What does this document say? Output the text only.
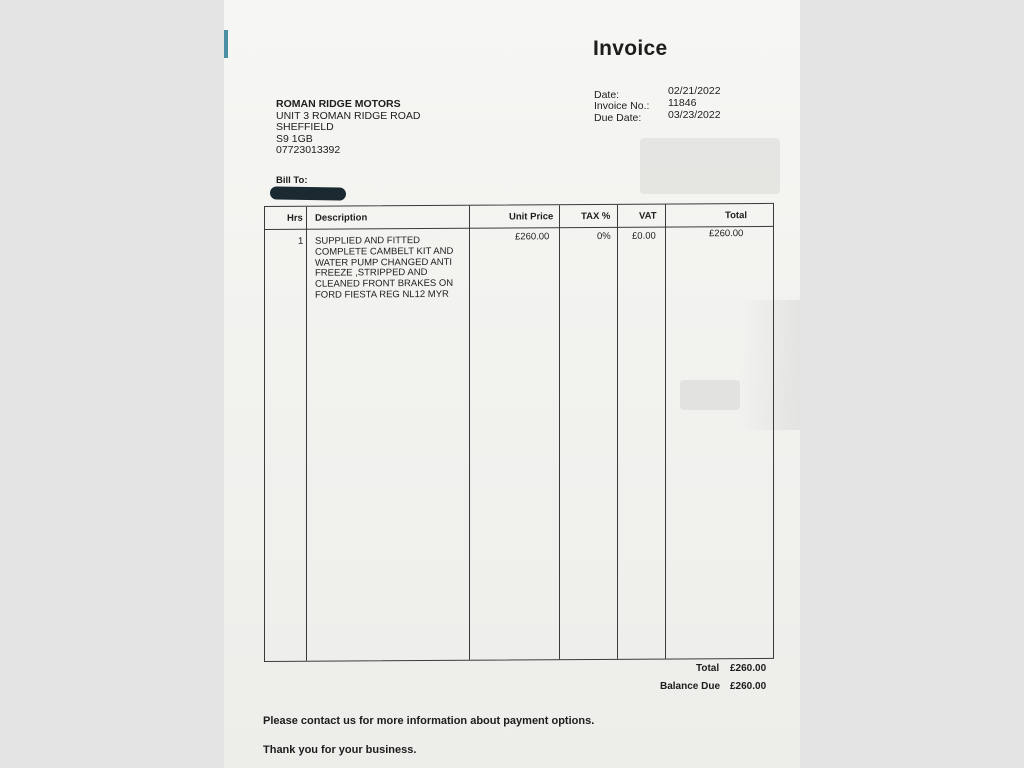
Invoice
Date:	02/21/2022
Invoice No.: 11846
Due Date:	03/23/2022
ROMAN RIDGE MOTORS
UNIT 3 ROMAN RIDGE ROAD
SHEFFIELD
S9 1GB
07723013392
Bill To:
Hrs Description	Unit Price	TAX %	VAT	Total
1 SUPPLIED AND FITTED
COMPLETE CAMBELT KIT AND
WATER PUMP CHANGED ANTI
FREEZE ,STRIPPED AND
CLEANED FRONT BRAKES ON
FORD FIESTA REG NL12 MYR
£260.00	0% £0.00	£260.00
Total £260.00
Balance Due £260.00
Please contact us for more information about payment options.
Thank you for your business.
